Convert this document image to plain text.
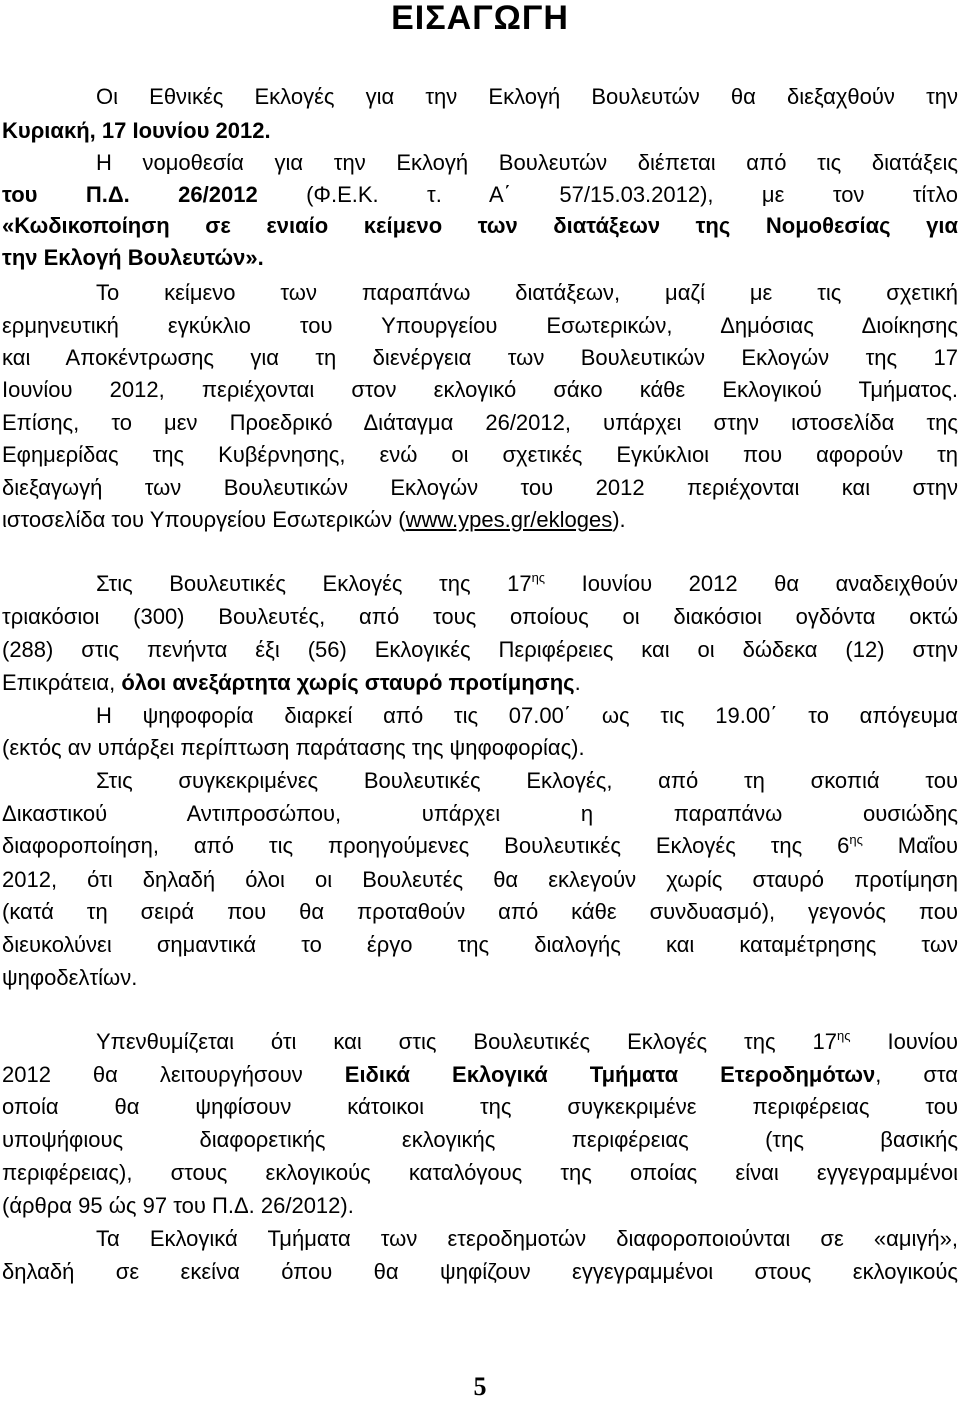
ΕΙΣΑΓΩΓΗ
Οι Εθνικές Εκλογές για την Εκλογή Βουλευτών θα διεξαχθούν την
Κυριακή, 17 Ιουνίου 2012.
Η νομοθεσία για την Εκλογή Βουλευτών διέπεται από τις διατάξεις
του Π.Δ. 26/2012 (Φ.Ε.Κ. τ. Α΄ 57/15.03.2012), με τον τίτλο
«Κωδικοποίηση σε ενιαίο κείμενο των διατάξεων της Νομοθεσίας για
την Εκλογή Βουλευτών».
Το κείμενο των παραπάνω διατάξεων, μαζί με τις σχετική
ερμηνευτική εγκύκλιο του Υπουργείου Εσωτερικών, Δημόσιας Διοίκησης
και Αποκέντρωσης για τη διενέργεια των Βουλευτικών Εκλογών της 17
Ιουνίου 2012, περιέχονται στον εκλογικό σάκο κάθε Εκλογικού Τμήματος.
Επίσης, το μεν Προεδρικό Διάταγμα 26/2012, υπάρχει στην ιστοσελίδα της
Εφημερίδας της Κυβέρνησης, ενώ οι σχετικές Εγκύκλιοι που αφορούν τη
διεξαγωγή των Βουλευτικών Εκλογών του 2012 περιέχονται και στην
ιστοσελίδα του Υπουργείου Εσωτερικών (www.ypes.gr/ekloges).
Στις Βουλευτικές Εκλογές της $17^{\eta\varsigma}$ Ιουνίου 2012 θα αναδειχθούν
τριακόσιοι (300) Βουλευτές, από τους οποίους οι διακόσιοι ογδόντα οκτώ
(288) στις πενήντα έξι (56) Εκλογικές Περιφέρειες και οι δώδεκα (12) στην
Επικράτεια, όλοι ανεξάρτητα χωρίς σταυρό προτίμησης.
Η ψηφοφορία διαρκεί από τις 07.00΄ ως τις 19.00΄ το απόγευμα
(εκτός αν υπάρξει περίπτωση παράτασης της ψηφοφορίας).
Στις συγκεκριμένες Βουλευτικές Εκλογές, από τη σκοπιά του
Δικαστικού Αντιπροσώπου, υπάρχει η παραπάνω ουσιώδης
διαφοροποίηση, από τις προηγούμενες Βουλευτικές Εκλογές της $6^{\eta\varsigma}$ Μαΐου
2012, ότι δηλαδή όλοι οι Βουλευτές θα εκλεγούν χωρίς σταυρό προτίμηση
(κατά τη σειρά που θα προταθούν από κάθε συνδυασμό), γεγονός που
διευκολύνει σημαντικά το έργο της διαλογής και καταμέτρησης των
ψηφοδελτίων.
Υπενθυμίζεται ότι και στις Βουλευτικές Εκλογές της $17^{\eta\varsigma}$ Ιουνίου
2012 θα λειτουργήσουν Ειδικά Εκλογικά Τμήματα Ετεροδημότων, στα
οποία θα ψηφίσουν κάτοικοι της συγκεκριμένε περιφέρειας του
υποψήφιους διαφορετικής εκλογικής περιφέρειας (της βασικής
περιφέρειας), στους εκλογικούς καταλόγους της οποίας είναι εγγεγραμμένοι
(άρθρα 95 ώς 97 του Π.Δ. 26/2012).
Τα Εκλογικά Τμήματα των ετεροδημοτών διαφοροποιούνται σε «αμιγή»,
δηλαδή σε εκείνα όπου θα ψηφίζουν εγγεγραμμένοι στους εκλογικούς
5
